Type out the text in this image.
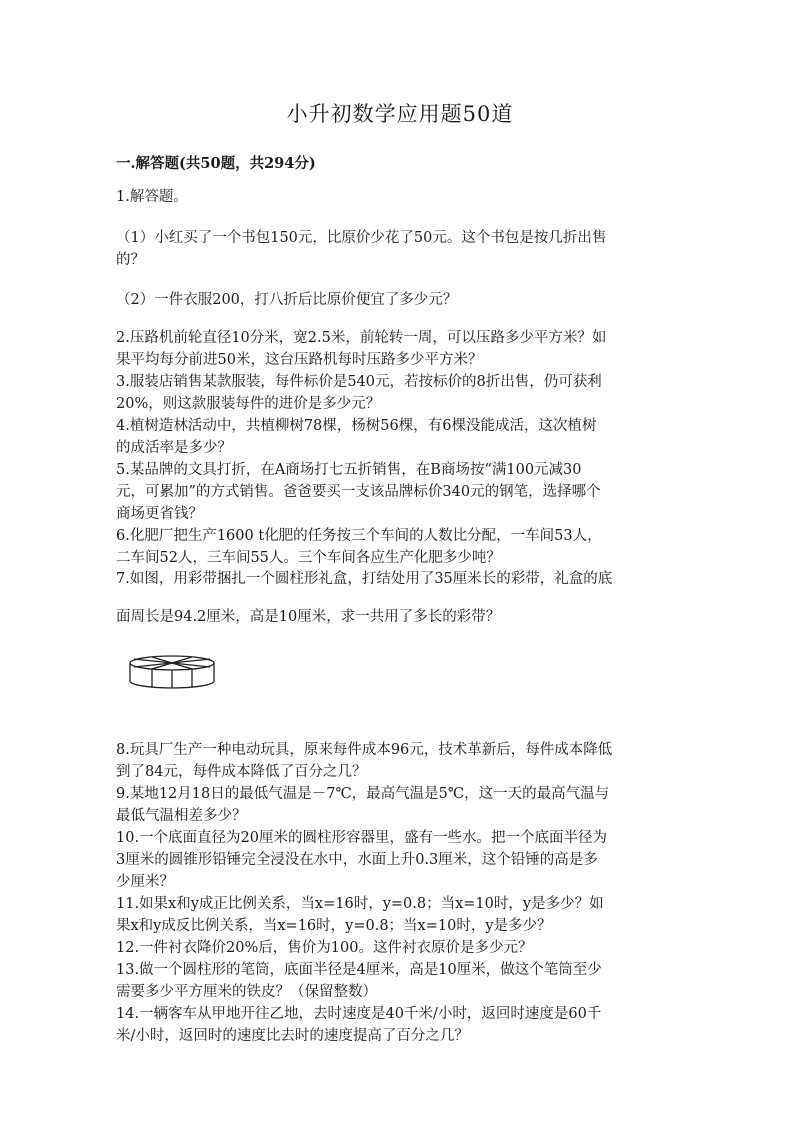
小升初数学应用题50道
一.解答题(共50题，共294分)
1.解答题。
（1）小红买了一个书包150元，比原价少花了50元。这个书包是按几折出售
的？
（2）一件衣服200，打八折后比原价便宜了多少元？
2.压路机前轮直径10分米，宽2.5米，前轮转一周，可以压路多少平方米？如
果平均每分前进50米，这台压路机每时压路多少平方米？
3.服装店销售某款服装，每件标价是540元，若按标价的8折出售，仍可获利
20%，则这款服装每件的进价是多少元？
4.植树造林活动中，共植柳树78棵，杨树56棵，有6棵没能成活，这次植树
的成活率是多少？
5.某品牌的文具打折，在A商场打七五折销售，在B商场按“满100元减30
元，可累加”的方式销售。爸爸要买一支该品牌标价340元的钢笔，选择哪个
商场更省钱？
6.化肥厂把生产1600 t化肥的任务按三个车间的人数比分配，一车间53人，
二车间52人，三车间55人。三个车间各应生产化肥多少吨？
7.如图，用彩带捆扎一个圆柱形礼盒，打结处用了35厘米长的彩带，礼盒的底
面周长是94.2厘米，高是10厘米，求一共用了多长的彩带？
8.玩具厂生产一种电动玩具，原来每件成本96元，技术革新后，每件成本降低
到了84元，每件成本降低了百分之几？
9.某地12月18日的最低气温是－7℃，最高气温是5℃，这一天的最高气温与
最低气温相差多少？
10.一个底面直径为20厘米的圆柱形容器里，盛有一些水。把一个底面半径为
3厘米的圆锥形铅锤完全浸没在水中，水面上升0.3厘米，这个铅锤的高是多
少厘米？
11.如果x和y成正比例关系，当x=16时，y=0.8；当x=10时，y是多少？如
果x和y成反比例关系，当x=16时，y=0.8；当x=10时，y是多少？
12.一件衬衣降价20%后，售价为100。这件衬衣原价是多少元？
13.做一个圆柱形的笔筒，底面半径是4厘米，高是10厘米，做这个笔筒至少
需要多少平方厘米的铁皮？（保留整数）
14.一辆客车从甲地开往乙地，去时速度是40千米/小时，返回时速度是60千
米/小时，返回时的速度比去时的速度提高了百分之几？
